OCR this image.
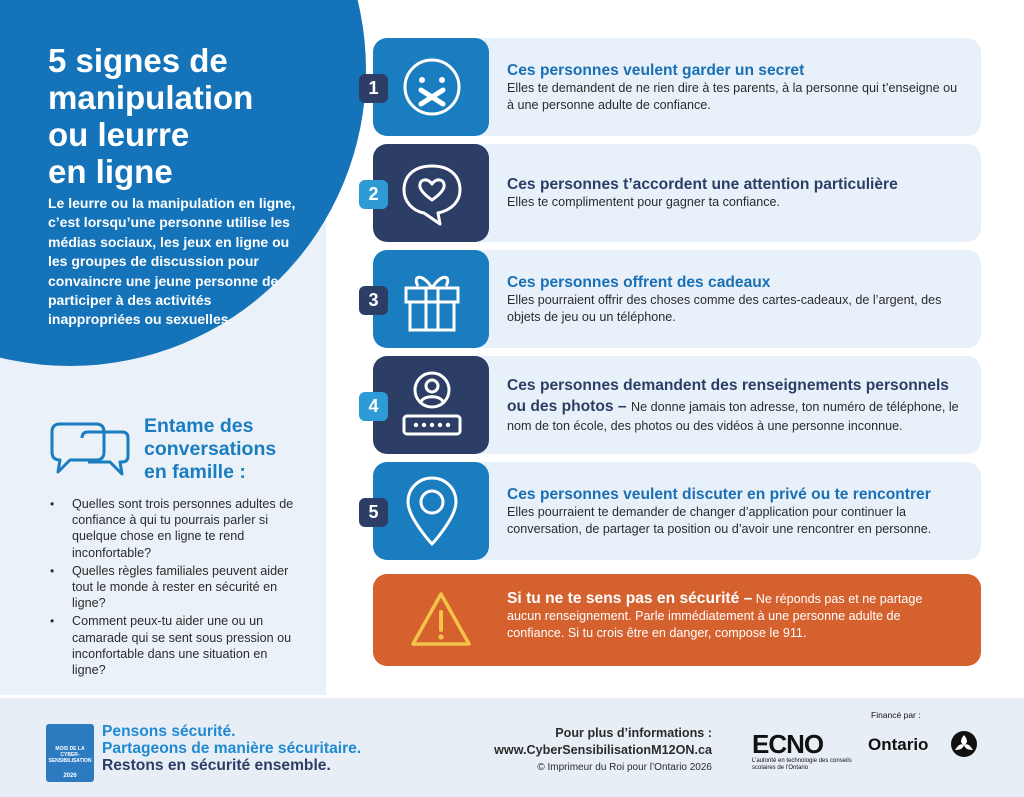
5 signes de
manipulation
ou leurre
en ligne

Le leurre ou la manipulation en ligne, c’est lorsqu’une personne utilise les médias sociaux, les jeux en ligne ou les groupes de discussion pour convaincre une jeune personne de participer à des activités inappropriées ou sexuelles.

Entame des
conversations
en famille :
• Quelles sont trois personnes adultes de confiance à qui tu pourrais parler si quelque chose en ligne te rend inconfortable?
• Quelles règles familiales peuvent aider tout le monde à rester en sécurité en ligne?
• Comment peux-tu aider une ou un camarade qui se sent sous pression ou inconfortable dans une situation en ligne?
1
Ces personnes veulent garder un secret
Elles te demandent de ne rien dire à tes parents, à la personne qui t’enseigne ou à une personne adulte de confiance.
2	Ces personnes t’accordent une attention particulière
Elles te complimentent pour gagner ta confiance.
3
Ces personnes offrent des cadeaux
Elles pourraient offrir des choses comme des cartes-cadeaux, de l’argent, des objets de jeu ou un téléphone.
4
Ces personnes demandent des renseignements personnels ou des photos – Ne donne jamais ton adresse, ton numéro de téléphone, le nom de ton école, des photos ou des vidéos à une personne inconnue.
5
Ces personnes veulent discuter en privé ou te rencontrer
Elles pourraient te demander de changer d’application pour continuer la conversation, de partager ta position ou d’avoir une rencontrer en personne.
Si tu ne te sens pas en sécurité – Ne réponds pas et ne partage aucun renseignement. Parle immédiatement à une personne adulte de confiance. Si tu crois être en danger, compose le 911.
MOIS DE LA CYBER-SENSIBILISATION
2026

Pensons sécurité.
Partageons de manière sécuritaire.
Restons en sécurité ensemble.

Pour plus d’informations :
www.CyberSensibilisationM12ON.ca
© Imprimeur du Roi pour l’Ontario 2026
ECNO
L’autorité en technologie des conseils scolaires de l’Ontario
Financé par :
Ontario
